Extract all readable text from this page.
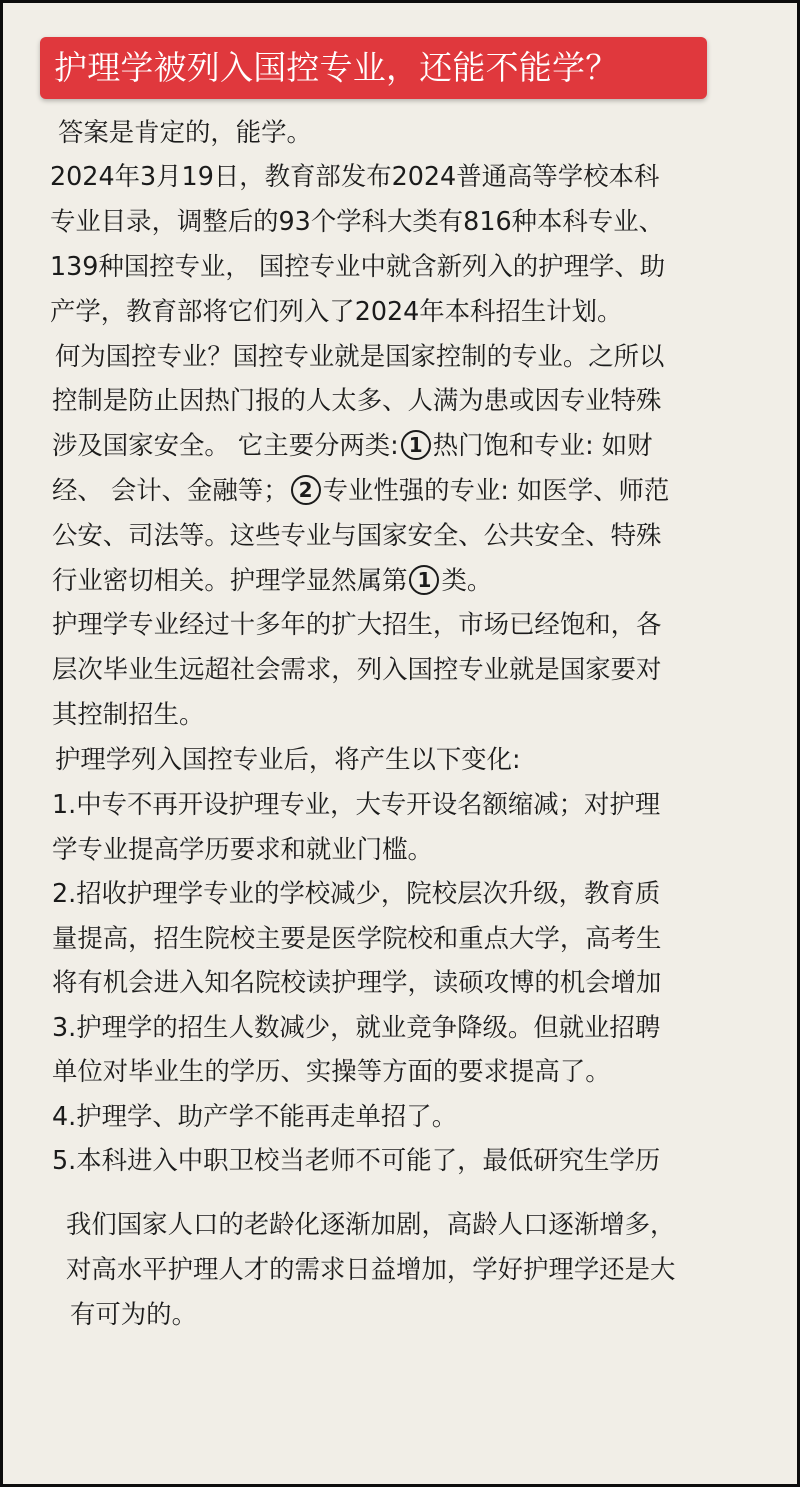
护理学被列入国控专业，还能不能学？
答案是肯定的，能学。
2024年3月19日，教育部发布2024普通高等学校本科
专业目录，调整后的93个学科大类有816种本科专业、
139种国控专业， 国控专业中就含新列入的护理学、助
产学，教育部将它们列入了2024年本科招生计划。
何为国控专业？国控专业就是国家控制的专业。之所以
控制是防止因热门报的人太多、人满为患或因专业特殊
涉及国家安全。 它主要分两类: 1 热门饱和专业: 如财
经、 会计、金融等； 2 专业性强的专业: 如医学、师范
公安、司法等。这些专业与国家安全、公共安全、特殊
行业密切相关。护理学显然属第 1 类。
护理学专业经过十多年的扩大招生，市场已经饱和，各
层次毕业生远超社会需求，列入国控专业就是国家要对
其控制招生。
护理学列入国控专业后，将产生以下变化:
1.中专不再开设护理专业，大专开设名额缩减；对护理
学专业提高学历要求和就业门槛。
2.招收护理学专业的学校减少，院校层次升级，教育质
量提高，招生院校主要是医学院校和重点大学，高考生
将有机会进入知名院校读护理学，读硕攻博的机会增加
3.护理学的招生人数减少，就业竞争降级。但就业招聘
单位对毕业生的学历、实操等方面的要求提高了。
4.护理学、助产学不能再走单招了。
5.本科进入中职卫校当老师不可能了，最低研究生学历
我们国家人口的老龄化逐渐加剧，高龄人口逐渐增多，
对高水平护理人才的需求日益增加，学好护理学还是大
有可为的。
